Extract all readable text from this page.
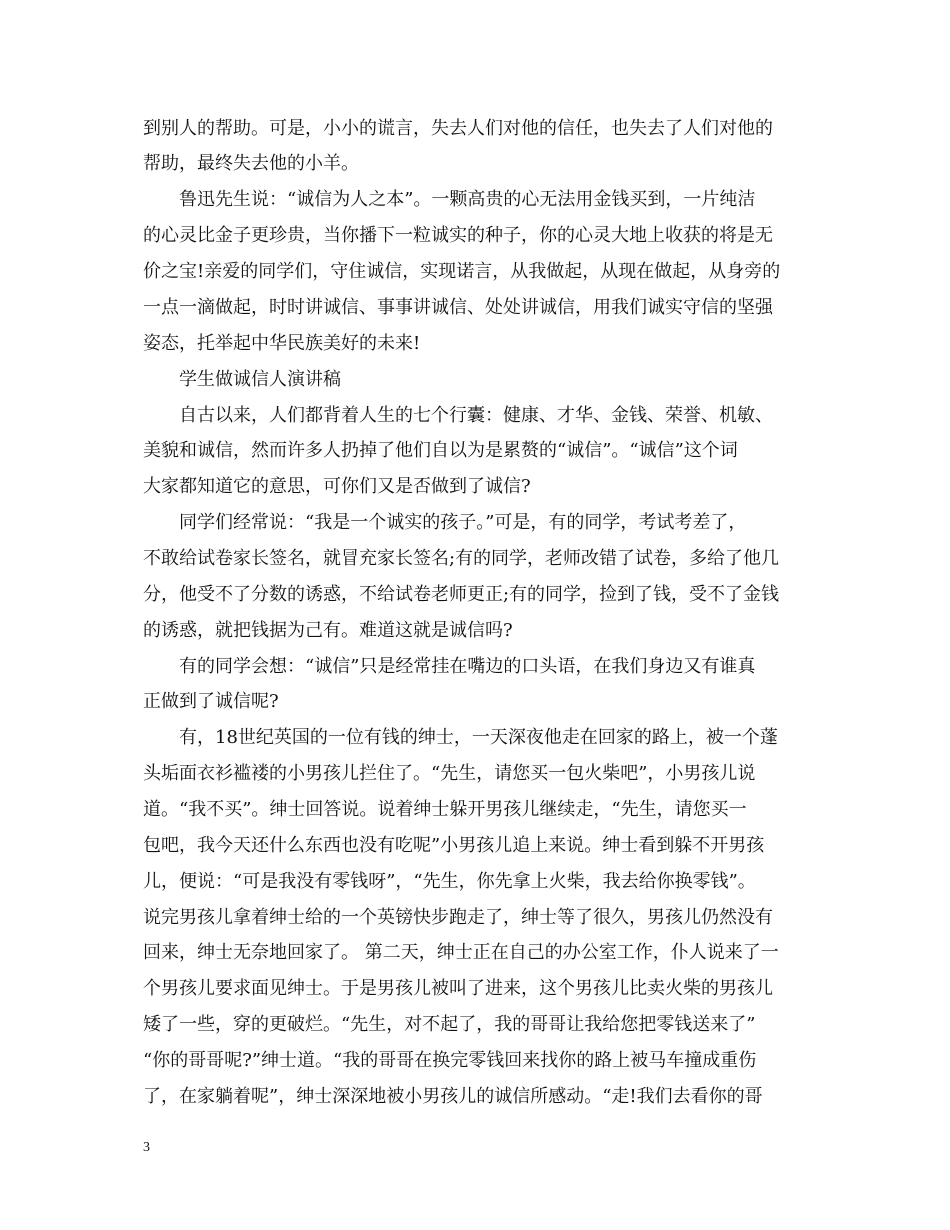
到别人的帮助。可是，小小的谎言，失去人们对他的信任，也失去了人们对他的
帮助，最终失去他的小羊。
　　鲁迅先生说：“诚信为人之本”。一颗高贵的心无法用金钱买到，一片纯洁
的心灵比金子更珍贵，当你播下一粒诚实的种子，你的心灵大地上收获的将是无
价之宝!亲爱的同学们，守住诚信，实现诺言，从我做起，从现在做起，从身旁的
一点一滴做起，时时讲诚信、事事讲诚信、处处讲诚信，用我们诚实守信的坚强
姿态，托举起中华民族美好的未来!
　　学生做诚信人演讲稿
　　自古以来，人们都背着人生的七个行囊：健康、才华、金钱、荣誉、机敏、
美貌和诚信，然而许多人扔掉了他们自以为是累赘的“诚信”。“诚信”这个词
大家都知道它的意思，可你们又是否做到了诚信?
　　同学们经常说：“我是一个诚实的孩子。”可是，有的同学，考试考差了，
不敢给试卷家长签名，就冒充家长签名;有的同学，老师改错了试卷，多给了他几
分，他受不了分数的诱惑，不给试卷老师更正;有的同学，捡到了钱，受不了金钱
的诱惑，就把钱据为己有。难道这就是诚信吗?
　　有的同学会想：“诚信”只是经常挂在嘴边的口头语，在我们身边又有谁真
正做到了诚信呢?
　　有，18世纪英国的一位有钱的绅士，一天深夜他走在回家的路上，被一个蓬
头垢面衣衫褴褛的小男孩儿拦住了。“先生，请您买一包火柴吧”，小男孩儿说
道。“我不买”。绅士回答说。说着绅士躲开男孩儿继续走，“先生，请您买一
包吧，我今天还什么东西也没有吃呢”小男孩儿追上来说。绅士看到躲不开男孩
儿，便说：“可是我没有零钱呀”，“先生，你先拿上火柴，我去给你换零钱”。
说完男孩儿拿着绅士给的一个英镑快步跑走了，绅士等了很久，男孩儿仍然没有
回来，绅士无奈地回家了。 第二天，绅士正在自己的办公室工作，仆人说来了一
个男孩儿要求面见绅士。于是男孩儿被叫了进来，这个男孩儿比卖火柴的男孩儿
矮了一些，穿的更破烂。“先生，对不起了，我的哥哥让我给您把零钱送来了”
“你的哥哥呢?”绅士道。“我的哥哥在换完零钱回来找你的路上被马车撞成重伤
了，在家躺着呢”，绅士深深地被小男孩儿的诚信所感动。“走!我们去看你的哥
3
